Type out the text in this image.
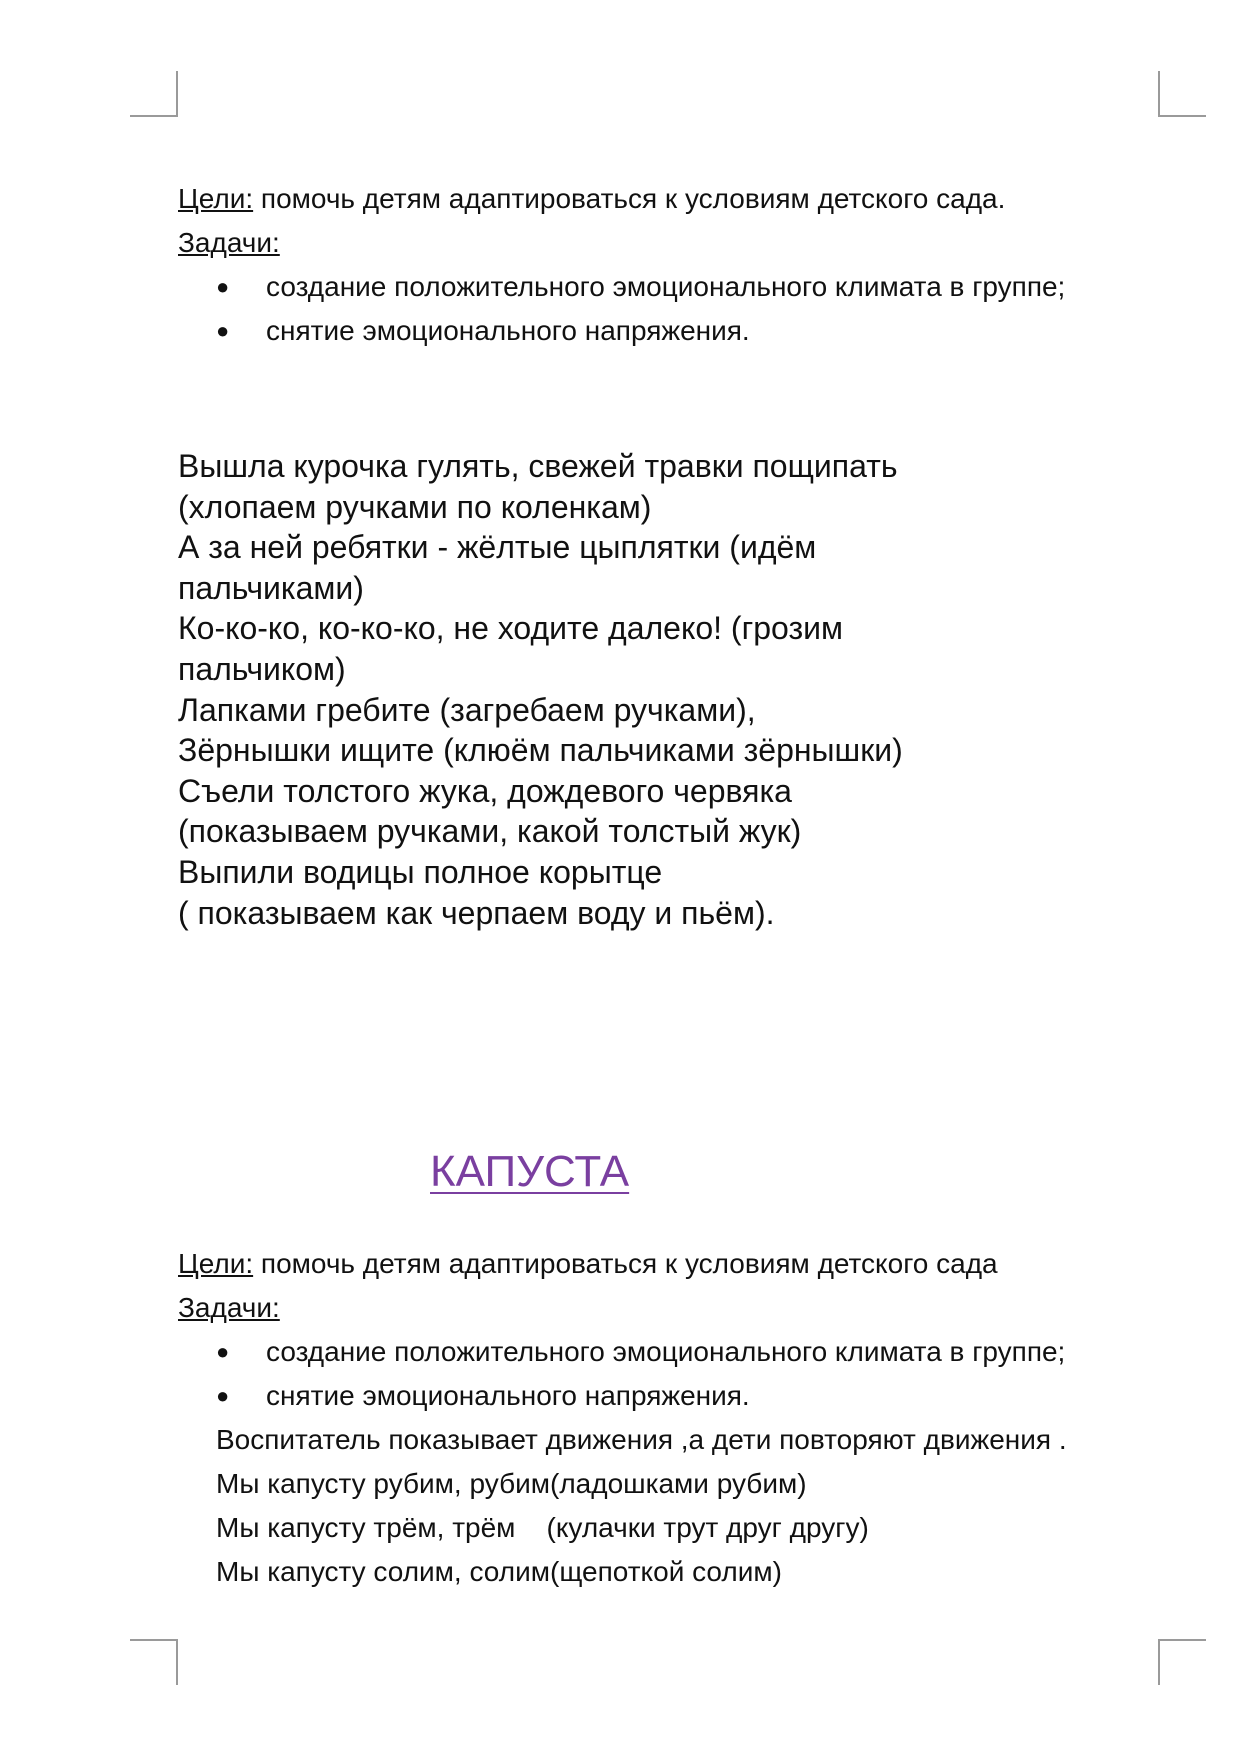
Цели: помочь детям адаптироваться к условиям детского сада.
Задачи:
● создание положительного эмоционального климата в группе;
● снятие эмоционального напряжения.
Вышла курочка гулять, свежей травки пощипать
(хлопаем ручками по коленкам)
А за ней ребятки - жёлтые цыплятки (идём
пальчиками)
Ко-ко-ко, ко-ко-ко, не ходите далеко! (грозим
пальчиком)
Лапками гребите (загребаем ручками),
Зёрнышки ищите (клюём пальчиками зёрнышки)
Съели толстого жука, дождевого червяка
(показываем ручками, какой толстый жук)
Выпили водицы полное корытце
( показываем как черпаем воду и пьём).
КАПУСТА
Цели: помочь детям адаптироваться к условиям детского сада
Задачи:
● создание положительного эмоционального климата в группе;
● снятие эмоционального напряжения.
Воспитатель показывает движения ,а дети повторяют движения .
Мы капусту рубим, рубим(ладошками рубим)
Мы капусту трём, трём    (кулачки трут друг другу)
Мы капусту солим, солим(щепоткой солим)
